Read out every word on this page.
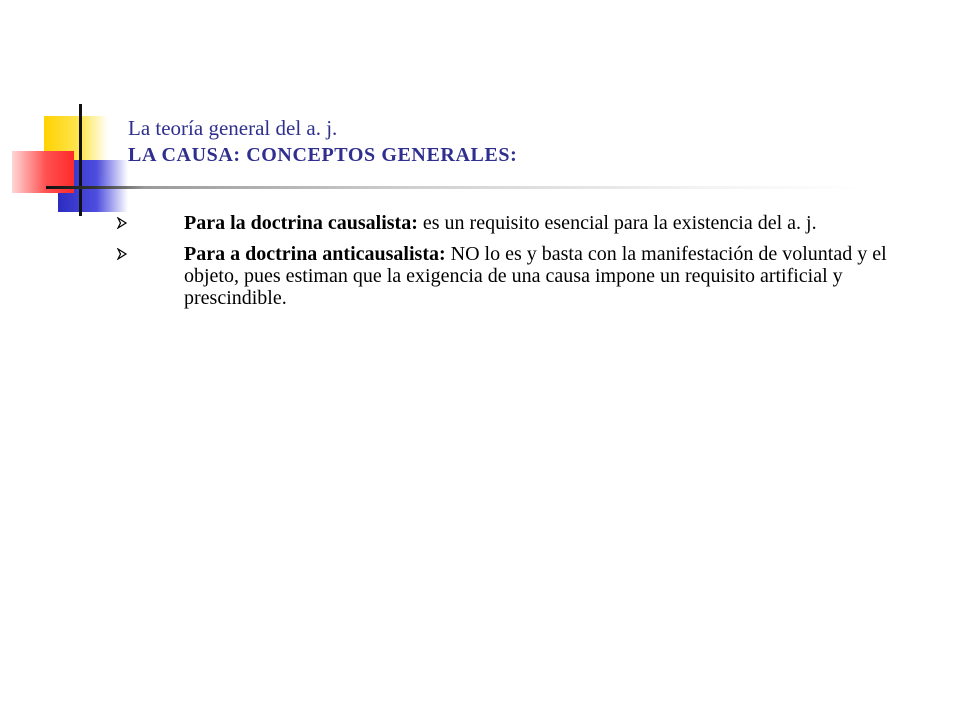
La teoría general del a. j.
LA CAUSA: CONCEPTOS GENERALES:
Para la doctrina causalista: es un requisito esencial para la existencia del a. j.
Para a doctrina anticausalista: NO lo es y basta con la manifestación de voluntad y el objeto, pues estiman que la exigencia de una causa impone un requisito artificial y prescindible.
